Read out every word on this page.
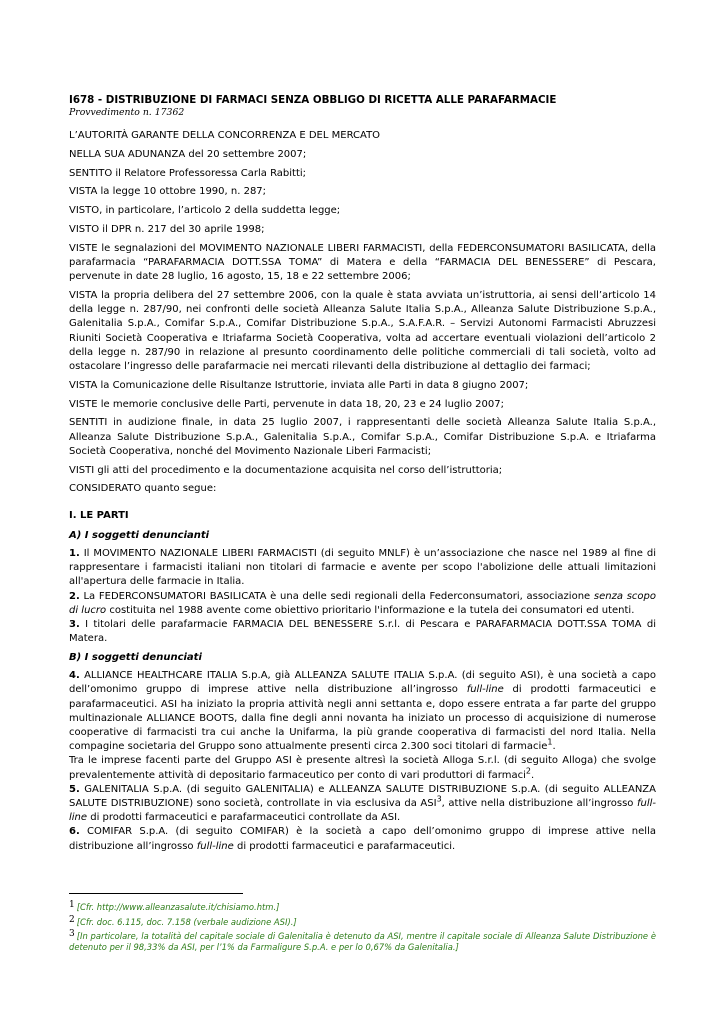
I678 - DISTRIBUZIONE DI FARMACI SENZA OBBLIGO DI RICETTA ALLE PARAFARMACIE
Provvedimento n. 17362

L’AUTORITÀ GARANTE DELLA CONCORRENZA E DEL MERCATO

NELLA SUA ADUNANZA del 20 settembre 2007;

SENTITO il Relatore Professoressa Carla Rabitti;

VISTA la legge 10 ottobre 1990, n. 287;

VISTO, in particolare, l’articolo 2 della suddetta legge;

VISTO il DPR n. 217 del 30 aprile 1998;

VISTE le segnalazioni del MOVIMENTO NAZIONALE LIBERI FARMACISTI, della FEDERCONSUMATORI BASILICATA, della parafarmacia “PARAFARMACIA DOTT.SSA TOMA” di Matera e della “FARMACIA DEL BENESSERE” di Pescara, pervenute in date 28 luglio, 16 agosto, 15, 18 e 22 settembre 2006;

VISTA la propria delibera del 27 settembre 2006, con la quale è stata avviata un’istruttoria, ai sensi dell’articolo 14 della legge n. 287/90, nei confronti delle società Alleanza Salute Italia S.p.A., Alleanza Salute Distribuzione S.p.A., Galenitalia S.p.A., Comifar S.p.A., Comifar Distribuzione S.p.A., S.A.F.A.R. – Servizi Autonomi Farmacisti Abruzzesi Riuniti Società Cooperativa e Itriafarma Società Cooperativa, volta ad accertare eventuali violazioni dell’articolo 2 della legge n. 287/90 in relazione al presunto coordinamento delle politiche commerciali di tali società, volto ad ostacolare l’ingresso delle parafarmacie nei mercati rilevanti della distribuzione al dettaglio dei farmaci;

VISTA la Comunicazione delle Risultanze Istruttorie, inviata alle Parti in data 8 giugno 2007;

VISTE le memorie conclusive delle Parti, pervenute in data 18, 20, 23 e 24 luglio 2007;

SENTITI in audizione finale, in data 25 luglio 2007, i rappresentanti delle società Alleanza Salute Italia S.p.A., Alleanza Salute Distribuzione S.p.A., Galenitalia S.p.A., Comifar S.p.A., Comifar Distribuzione S.p.A. e Itriafarma Società Cooperativa, nonché del Movimento Nazionale Liberi Farmacisti;

VISTI gli atti del procedimento e la documentazione acquisita nel corso dell’istruttoria;

CONSIDERATO quanto segue:

I. LE PARTI

A) I soggetti denuncianti

1. Il MOVIMENTO NAZIONALE LIBERI FARMACISTI (di seguito MNLF) è un’associazione che nasce nel 1989 al fine di rappresentare i farmacisti italiani non titolari di farmacie e avente per scopo l'abolizione delle attuali limitazioni all'apertura delle farmacie in Italia.

2. La FEDERCONSUMATORI BASILICATA è una delle sedi regionali della Federconsumatori, associazione senza scopo di lucro costituita nel 1988 avente come obiettivo prioritario l'informazione e la tutela dei consumatori ed utenti.

3. I titolari delle parafarmacie FARMACIA DEL BENESSERE S.r.l. di Pescara e PARAFARMACIA DOTT.SSA TOMA di Matera.

B) I soggetti denunciati

4. ALLIANCE HEALTHCARE ITALIA S.p.A, già ALLEANZA SALUTE ITALIA S.p.A. (di seguito ASI), è una società a capo dell’omonimo gruppo di imprese attive nella distribuzione all’ingrosso full-line di prodotti farmaceutici e parafarmaceutici. ASI ha iniziato la propria attività negli anni settanta e, dopo essere entrata a far parte del gruppo multinazionale ALLIANCE BOOTS, dalla fine degli anni novanta ha iniziato un processo di acquisizione di numerose cooperative di farmacisti tra cui anche la Unifarma, la più grande cooperativa di farmacisti del nord Italia. Nella compagine societaria del Gruppo sono attualmente presenti circa 2.300 soci titolari di farmacie$^1$.

Tra le imprese facenti parte del Gruppo ASI è presente altresì la società Alloga S.r.l. (di seguito Alloga) che svolge prevalentemente attività di depositario farmaceutico per conto di vari produttori di farmaci$^2$.

5. GALENITALIA S.p.A. (di seguito GALENITALIA) e ALLEANZA SALUTE DISTRIBUZIONE S.p.A. (di seguito ALLEANZA SALUTE DISTRIBUZIONE) sono società, controllate in via esclusiva da ASI$^3$, attive nella distribuzione all’ingrosso full-line di prodotti farmaceutici e parafarmaceutici controllate da ASI.

6. COMIFAR S.p.A. (di seguito COMIFAR) è la società a capo dell’omonimo gruppo di imprese attive nella distribuzione all’ingrosso full-line di prodotti farmaceutici e parafarmaceutici.

1 [Cfr. http://www.alleanzasalute.it/chisiamo.htm.]

2 [Cfr. doc. 6.115, doc. 7.158 (verbale audizione ASI).]

3 [In particolare, la totalità del capitale sociale di Galenitalia è detenuto da ASI, mentre il capitale sociale di Alleanza Salute Distribuzione è detenuto per il 98,33% da ASI, per l’1% da Farmaligure S.p.A. e per lo 0,67% da Galenitalia.]
